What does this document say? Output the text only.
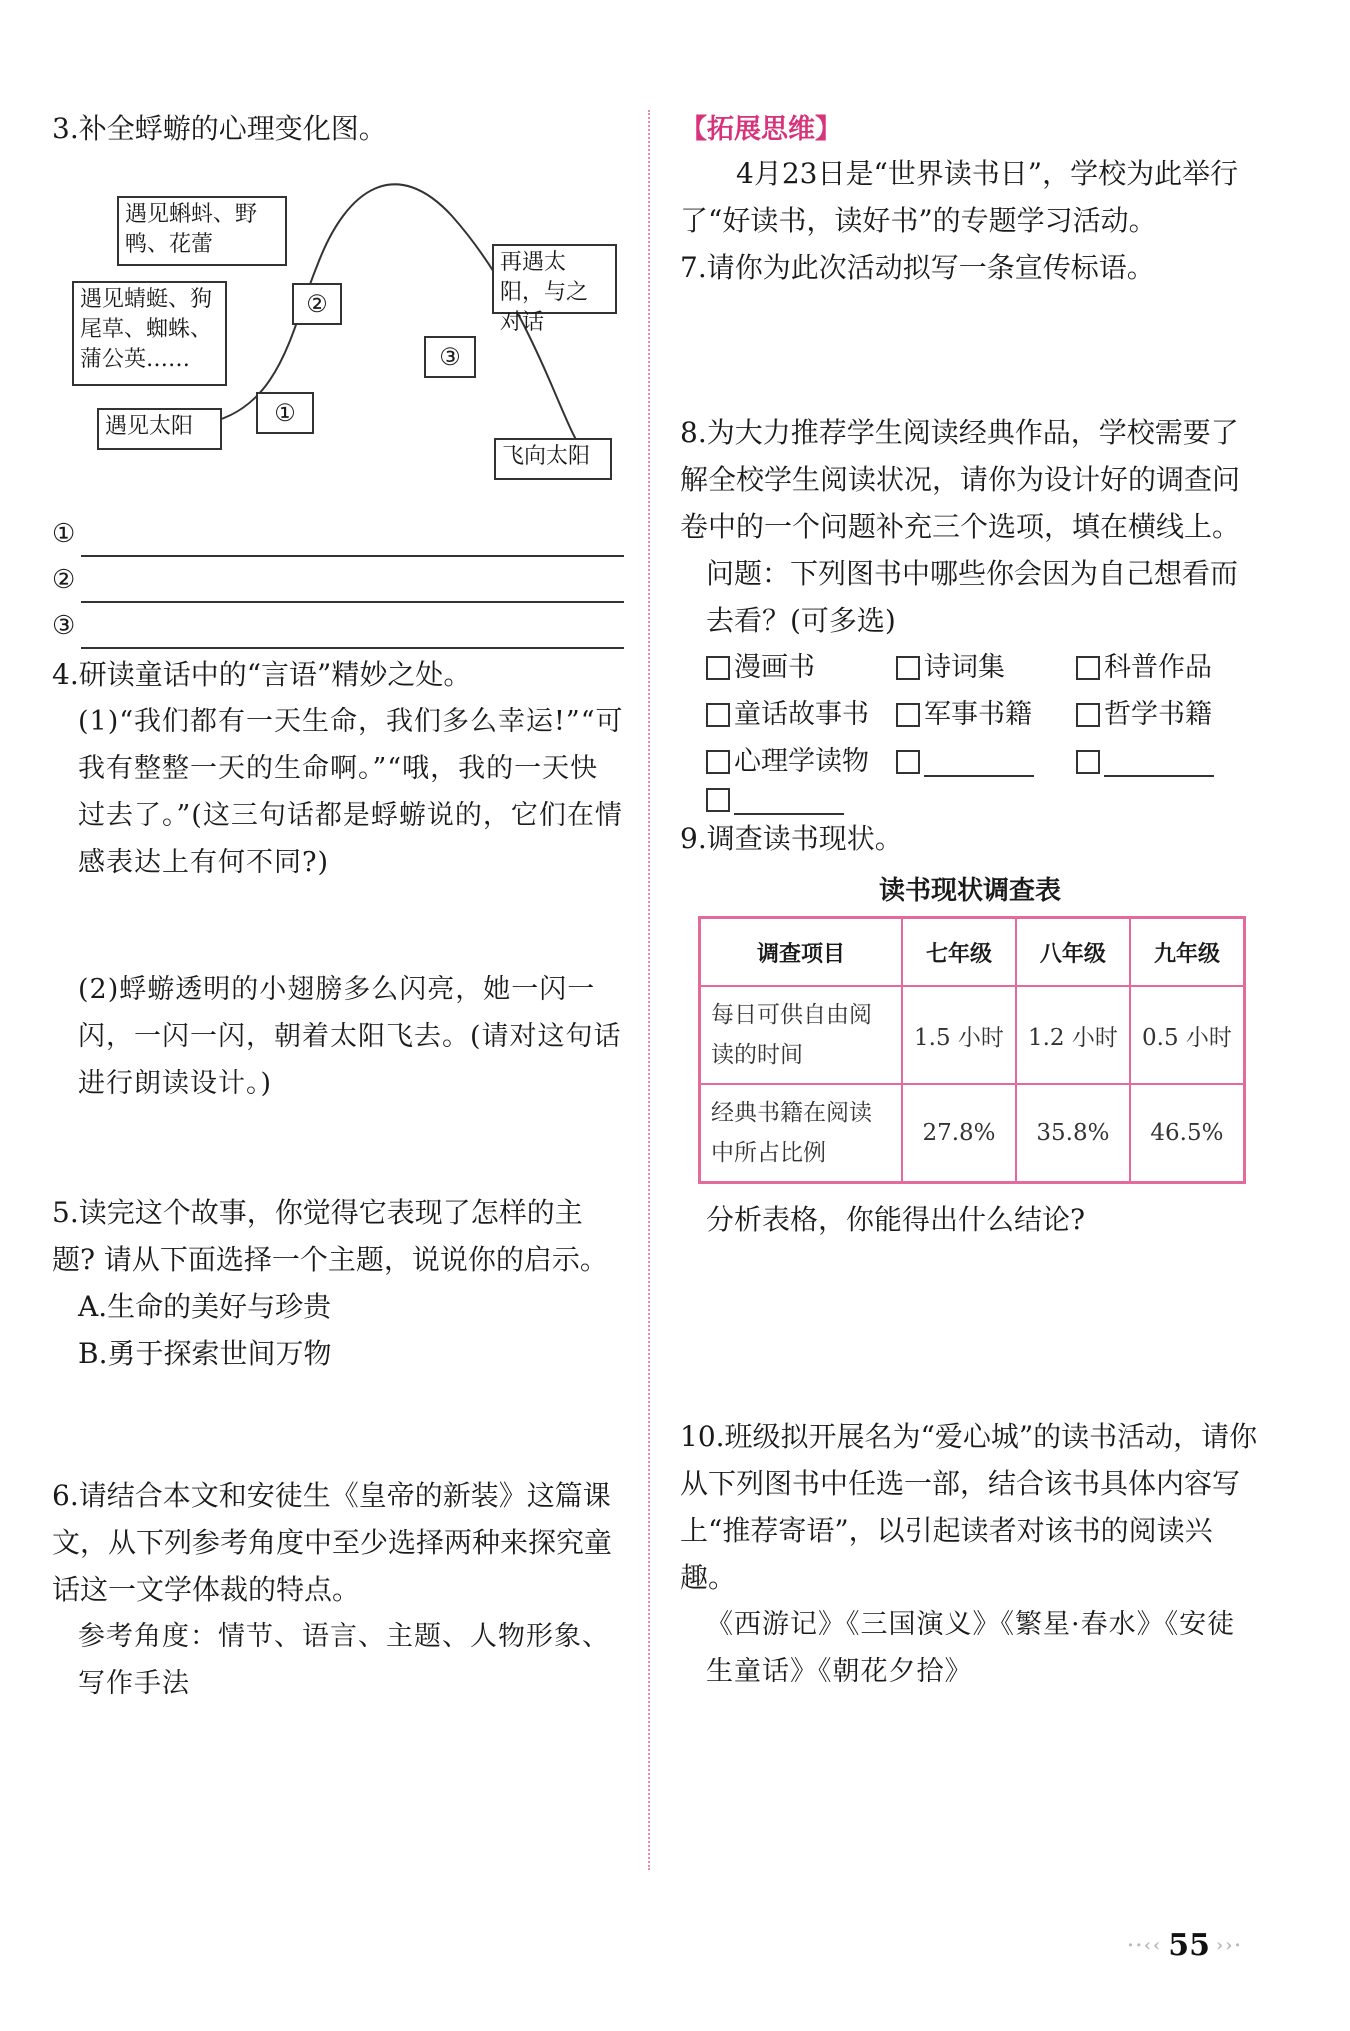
3.补全蜉蝣的心理变化图。

遇见蝌蚪、野鸭、花蕾
遇见蜻蜓、狗尾草、蜘蛛、蒲公英……
遇见太阳
再遇太阳，与之对话
飞向太阳
②
③
①
①
②
③

4.研读童话中的“言语”精妙之处。

(1)“我们都有一天生命，我们多么幸运!”“可我有整整一天的生命啊。”“哦，我的一天快过去了。”(这三句话都是蜉蝣说的，它们在情感表达上有何不同?)

(2)蜉蝣透明的小翅膀多么闪亮，她一闪一闪，一闪一闪，朝着太阳飞去。(请对这句话进行朗读设计。)

5.读完这个故事，你觉得它表现了怎样的主题? 请从下面选择一个主题，说说你的启示。

A.生命的美好与珍贵

B.勇于探索世间万物

6.请结合本文和安徒生《皇帝的新装》这篇课文，从下列参考角度中至少选择两种来探究童话这一文学体裁的特点。

参考角度：情节、语言、主题、人物形象、写作手法

【拓展思维】

4月23日是“世界读书日”，学校为此举行了“好读书，读好书”的专题学习活动。

7.请你为此次活动拟写一条宣传标语。

8.为大力推荐学生阅读经典作品，学校需要了解全校学生阅读状况，请你为设计好的调查问卷中的一个问题补充三个选项，填在横线上。

问题：下列图书中哪些你会因为自己想看而去看？(可多选)

漫画书	诗词集	科普作品
童话故事书 军事书籍	哲学书籍
心理学读物

9.调查读书现状。

读书现状调查表
调查项目	七年级	八年级	九年级
每日可供自由阅读的时间	1.5 小时	1.2 小时	0.5 小时
经典书籍在阅读中所占比例	27.8%	35.8%	46.5%

分析表格，你能得出什么结论?

10.班级拟开展名为“爱心城”的读书活动，请你从下列图书中任选一部，结合该书具体内容写上“推荐寄语”，以引起读者对该书的阅读兴趣。

《西游记》《三国演义》《繁星·春水》《安徒生童话》《朝花夕拾》

··‹‹ 55 ››·
